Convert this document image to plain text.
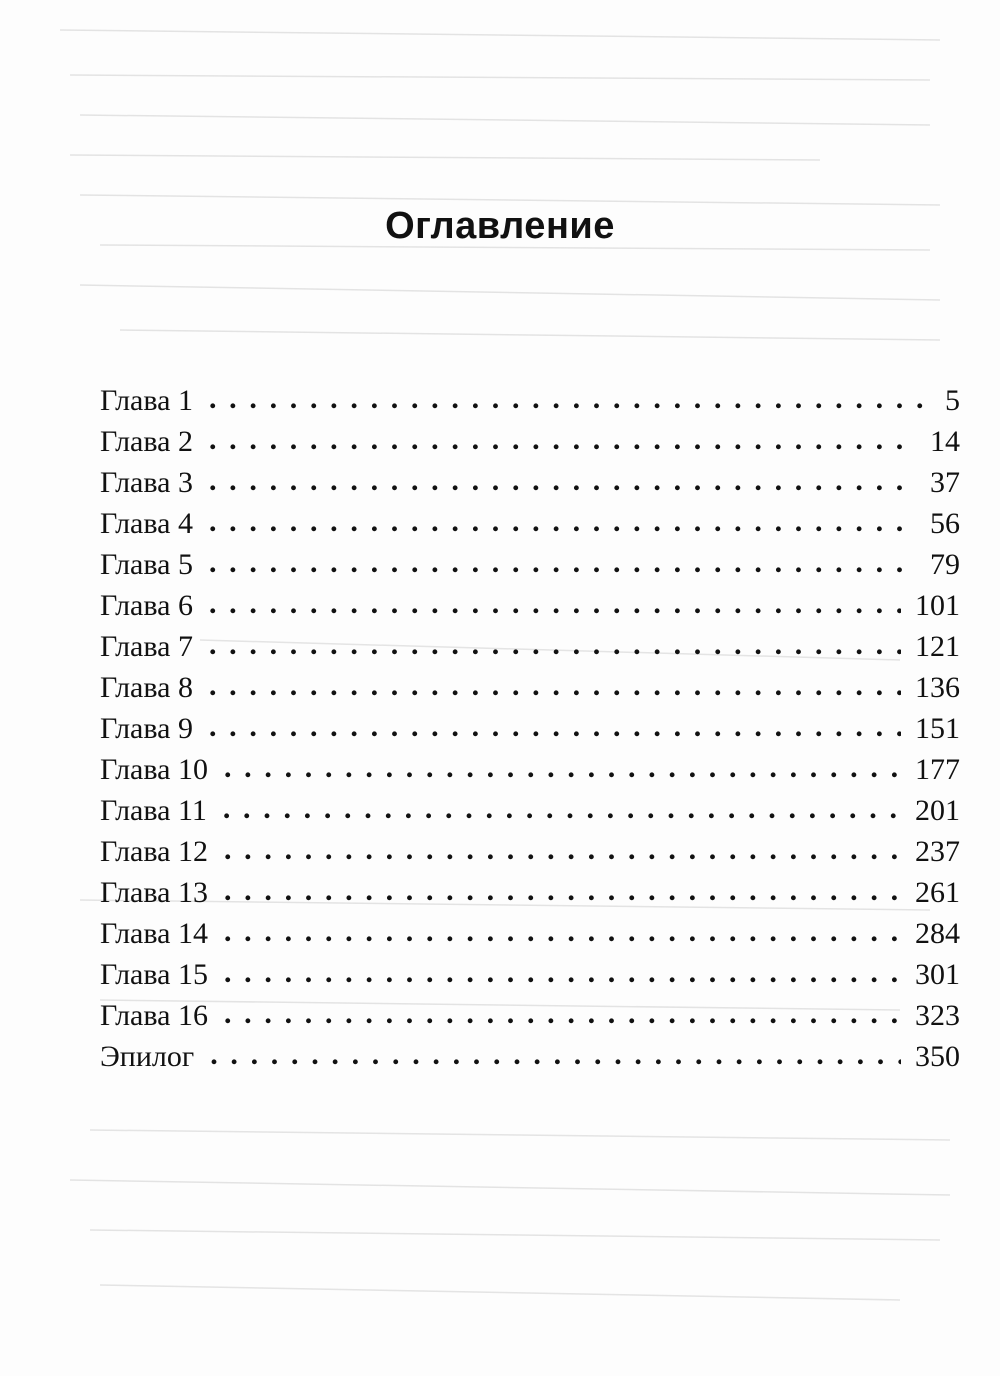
Оглавление
Глава 1 . . .	5
Глава 2 . . .	14
Глава 3 . . .	37
Глава 4 . . .	56
Глава 5 . . .	79
Глава 6 . . .	101
Глава 7 . . .	121
Глава 8 . . .	136
Глава 9 . . .	151
Глава 10 . . .	177
Глава 11 . . .	201
Глава 12 . . .	237
Глава 13 . . .	261
Глава 14 . . .	284
Глава 15 . . .	301
Глава 16 . . .	323
Эпилог . . .	350
